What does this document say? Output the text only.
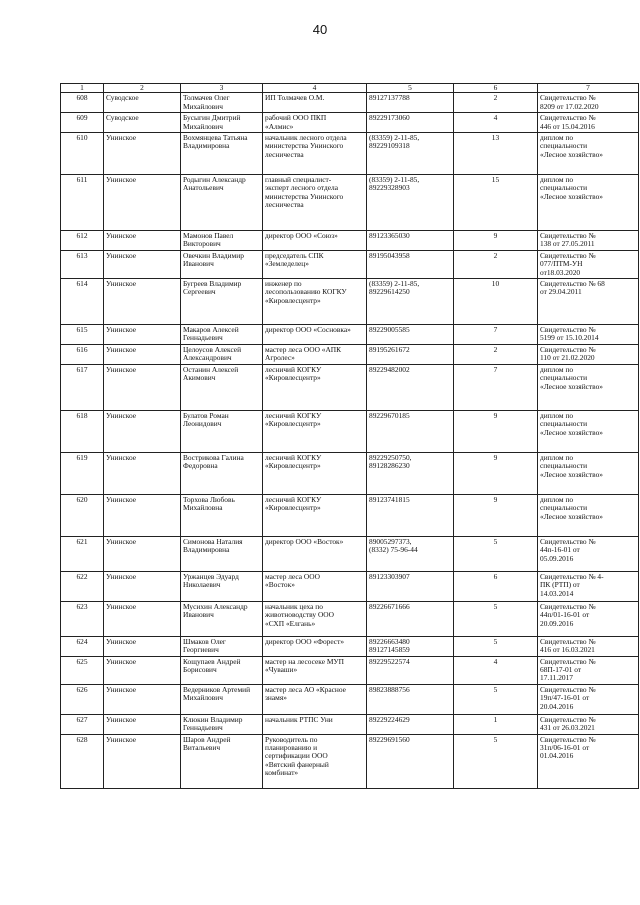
40
1	2	3	4	5	6	7
608	Суводское	Толмачев Олег
Михайлович	ИП Толмачев О.М.	89127137788	2	Свидетельство №
8209 от 17.02.2020

609	Суводское	Бусыгин Дмитрий
Михайлович	рабочий ООО ПКП
«Алмис»	89229173060	4	Свидетельство №
446 от 15.04.2016

610	Унинское	Вохмянцева Татьяна
Владимировна	начальник лесного отдела
министерства Унинского
лесничества	(83359) 2-11-85,
89229109318	13	диплом по
специальности
«Лесное хозяйство»

611	Унинское	Родыгин Александр
Анатольевич	главный специалист-
эксперт лесного отдела
министерства Унинского
лесничества	(83359) 2-11-85,
89229328903	15	диплом по
специальности
«Лесное хозяйство»

612	Унинское	Мамонов Павел
Викторович	директор ООО «Союз»	89123365030	9	Свидетельство №
138 от 27.05.2011

613	Унинское	Овечкин Владимир
Иванович	председатель СПК
«Земледелец»	89195043958	2	Свидетельство №
077/ПТМ-УН
от18.03.2020

614	Унинское	Бугреев Владимир
Сергеевич	инженер по
лесопользованию КОГКУ
«Кировлесцентр»	(83359) 2-11-85,
89229614250	10	Свидетельство № 68
от 29.04.2011

615	Унинское	Макаров Алексей
Геннадьевич	директор ООО «Сосновка»	89229005585	7	Свидетельство №
5199 от 15.10.2014

616	Унинское	Целоусов Алексей
Александрович	мастер леса ООО «АПК
Агролес»	89195261672	2	Свидетельство №
110 от 21.02.2020

617	Унинское	Останин Алексей
Акимович	лесничий КОГКУ
«Кировлесцентр»	89229482002	7	диплом по
специальности
«Лесное хозяйство»

618	Унинское	Булатов Роман
Леонидович	лесничий КОГКУ
«Кировлесцентр»	89229670185	9	диплом по
специальности
«Лесное хозяйство»

619	Унинское	Вострикова Галина
Федоровна	лесничий КОГКУ
«Кировлесцентр»	89229250750,
89128286230	9	диплом по
специальности
«Лесное хозяйство»

620	Унинское	Торхова Любовь
Михайловна	лесничий КОГКУ
«Кировлесцентр»	89123741815	9	диплом по
специальности
«Лесное хозяйство»

621	Унинское	Симонова Наталия
Владимировна	директор ООО «Восток»	89005297373,
(8332) 75-96-44	5	Свидетельство №
44п-16-01 от
05.09.2016

622	Унинское	Уржанцев Эдуард
Николаевич	мастер леса ООО
«Восток»	89123303907	6	Свидетельство № 4-
ПК (РТП) от
14.03.2014

623	Унинское	Мусихин Александр
Иванович	начальник цеха по
животноводству ООО
«СХП «Елгань»	89226671666	5	Свидетельство №
44п/01-16-01 от
20.09.2016

624	Унинское	Шмаков Олег
Георгиевич	директор ООО «Форест»	89226663480
89127145859	5	Свидетельство №
416 от 16.03.2021

625	Унинское	Кощупаев Андрей
Борисович	мастер на лесосеке МУП
«Чуваши»	89229522574	4	Свидетельство №
68П-17-01 от
17.11.2017

626	Унинское	Ведерников Артемий
Михайлович	мастер леса АО «Красное
знамя»	89823888756	5	Свидетельство №
19п/47-16-01 от
20.04.2016

627	Унинское	Клюкин Владимир
Геннадьевич	начальник РТПС Уни	89229224629	1	Свидетельство №
431 от 26.03.2021

628	Унинское	Шаров Андрей
Витальевич	Руководитель по
планированию и
сертификации ООО
«Вятский фанерный
комбинат»	89229691560	5	Свидетельство №
31п/06-16-01 от
01.04.2016
